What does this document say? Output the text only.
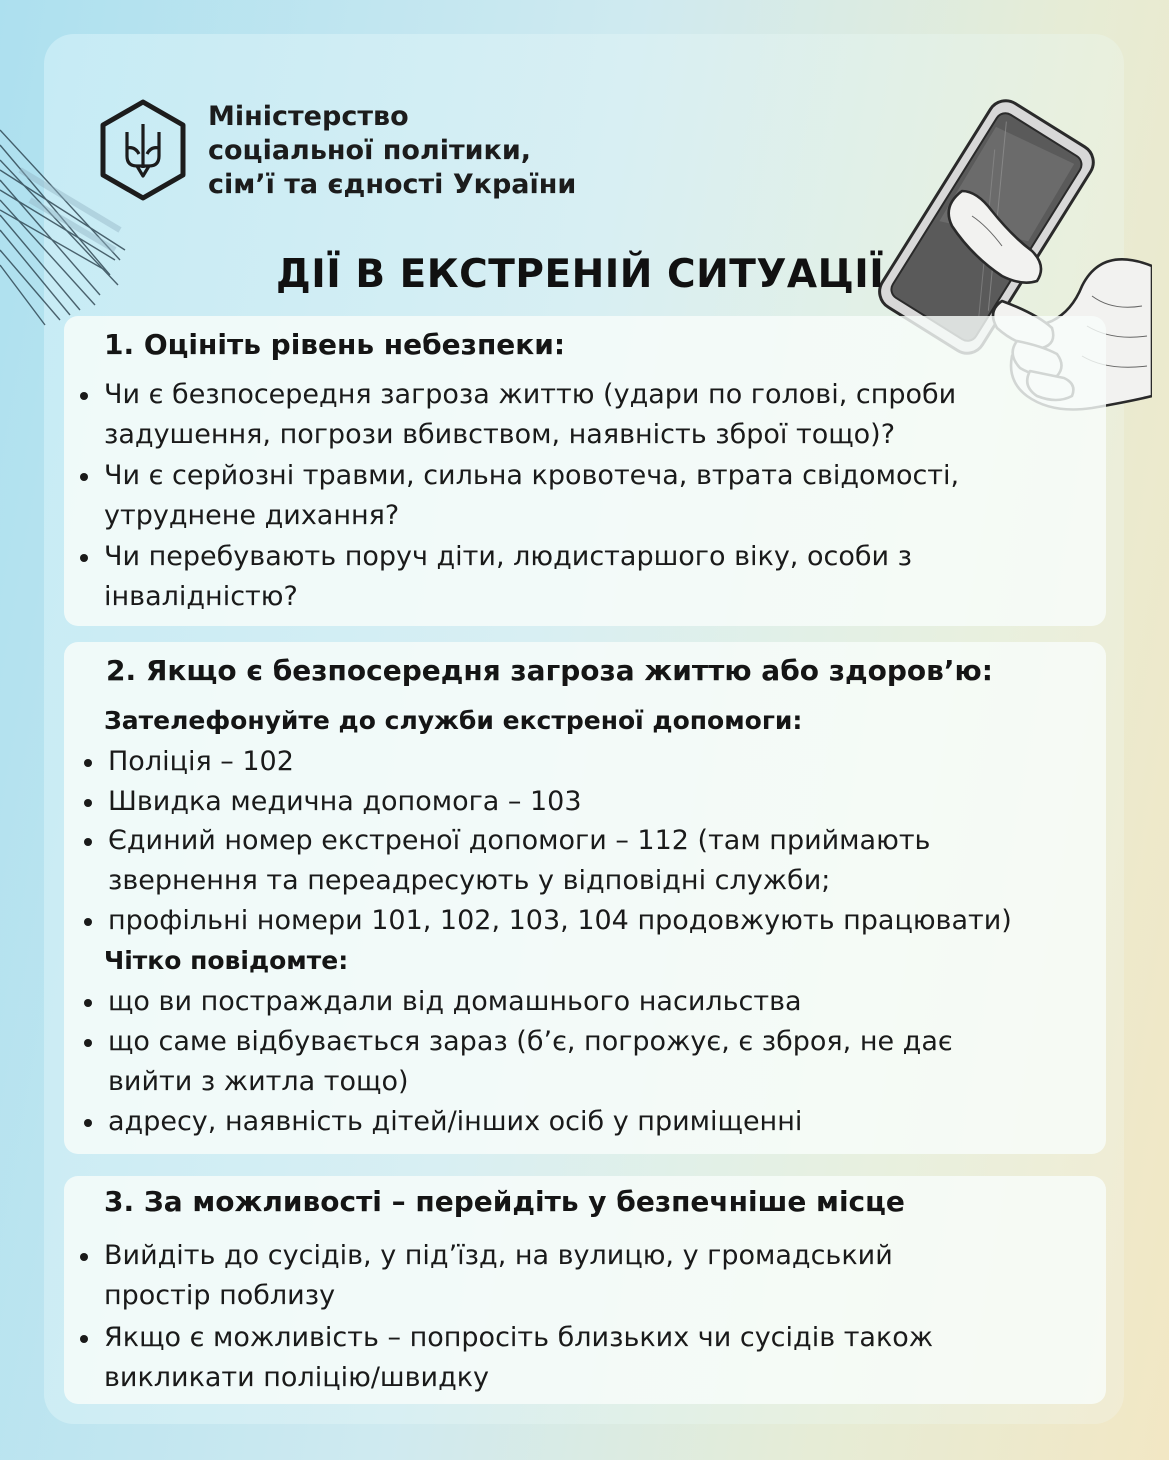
Міністерство
соціальної політики,
сім’ї та єдності України
ДІЇ В ЕКСТРЕНІЙ СИТУАЦІЇ
1. Оцініть рівень небезпеки:
Чи є безпосередня загроза життю (удари по голові, спроби
задушення, погрози вбивством, наявність зброї тощо)?
Чи є серйозні травми, сильна кровотеча, втрата свідомості,
утруднене дихання?
Чи перебувають поруч діти, людистаршого віку, особи з
інвалідністю?
2. Якщо є безпосередня загроза життю або здоров’ю:
Зателефонуйте до служби екстреної допомоги:
Поліція – 102
Швидка медична допомога – 103
Єдиний номер екстреної допомоги – 112 (там приймають
звернення та переадресують у відповідні служби;
профільні номери 101, 102, 103, 104 продовжують працювати)
Чітко повідомте:
що ви постраждали від домашнього насильства
що саме відбувається зараз (б’є, погрожує, є зброя, не дає
вийти з житла тощо)
адресу, наявність дітей/інших осіб у приміщенні
3. За можливості – перейдіть у безпечніше місце
Вийдіть до сусідів, у під’їзд, на вулицю, у громадський
простір поблизу
Якщо є можливість – попросіть близьких чи сусідів також
викликати поліцію/швидку
